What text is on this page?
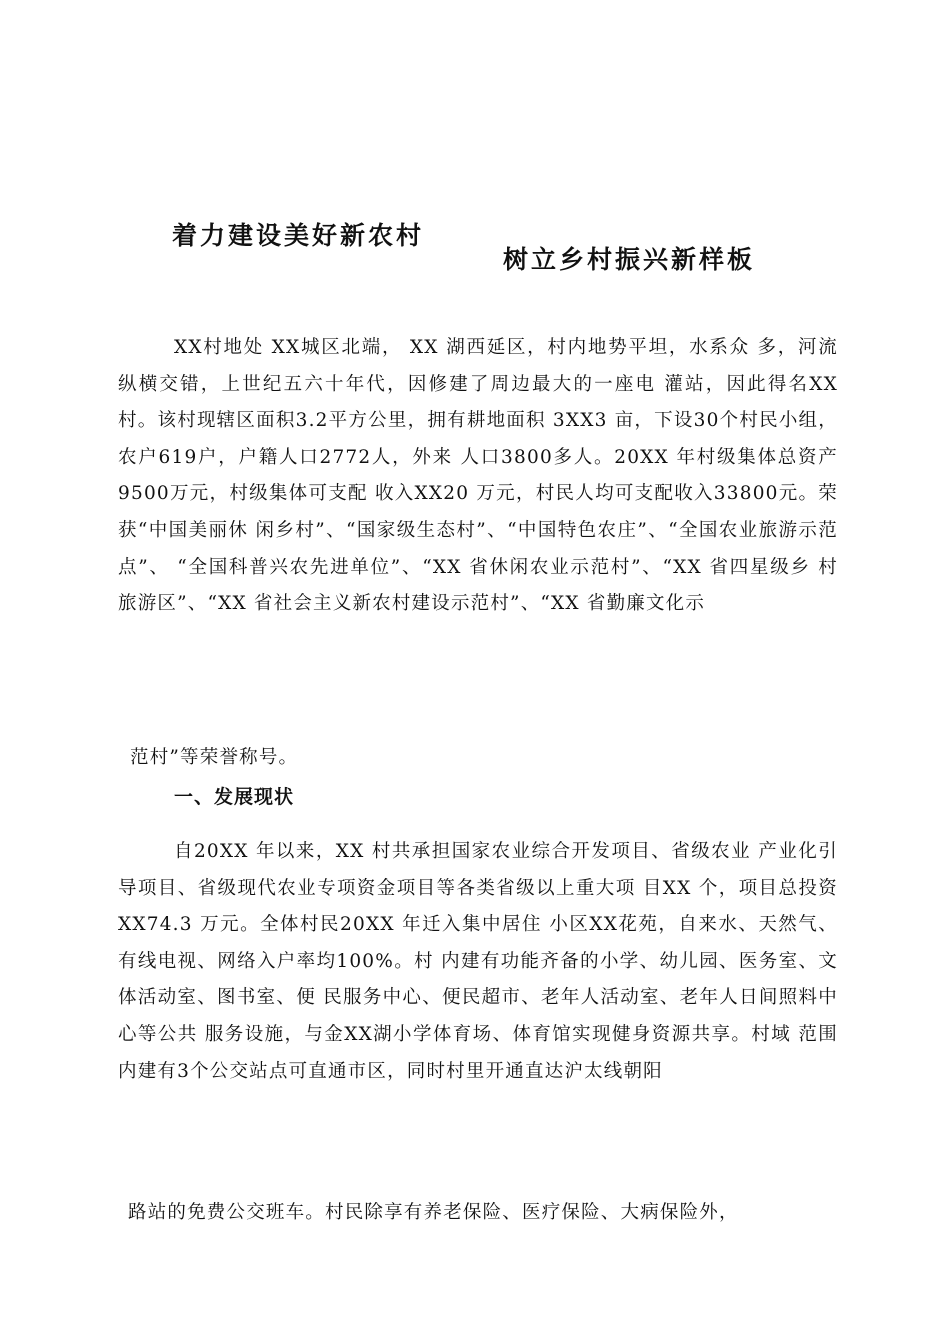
着力建设美好新农村
树立乡村振兴新样板
XX村地处 XX城区北端， XX 湖西延区，村内地势平坦，水系众 多，河流纵横交错，上世纪五六十年代，因修建了周边最大的一座电 灌站，因此得名XX村。该村现辖区面积3.2平方公里，拥有耕地面积 3XX3 亩，下设30个村民小组，农户619户，户籍人口2772人，外来 人口3800多人。20XX 年村级集体总资产9500万元，村级集体可支配 收入XX20 万元，村民人均可支配收入33800元。荣获“中国美丽休 闲乡村”、“国家级生态村”、“中国特色农庄”、“全国农业旅游示范点”、 “全国科普兴农先进单位”、“XX 省休闲农业示范村”、“XX 省四星级乡 村旅游区”、“XX 省社会主义新农村建设示范村”、“XX 省勤廉文化示
范村”等荣誉称号。
一、发展现状
自20XX 年以来，XX 村共承担国家农业综合开发项目、省级农业 产业化引导项目、省级现代农业专项资金项目等各类省级以上重大项 目XX 个，项目总投资 XX74.3 万元。全体村民20XX 年迁入集中居住 小区XX花苑，自来水、天然气、有线电视、网络入户率均100%。村 内建有功能齐备的小学、幼儿园、医务室、文体活动室、图书室、便 民服务中心、便民超市、老年人活动室、老年人日间照料中心等公共 服务设施，与金XX湖小学体育场、体育馆实现健身资源共享。村域 范围内建有3个公交站点可直通市区，同时村里开通直达沪太线朝阳
路站的免费公交班车。村民除享有养老保险、医疗保险、大病保险外，
